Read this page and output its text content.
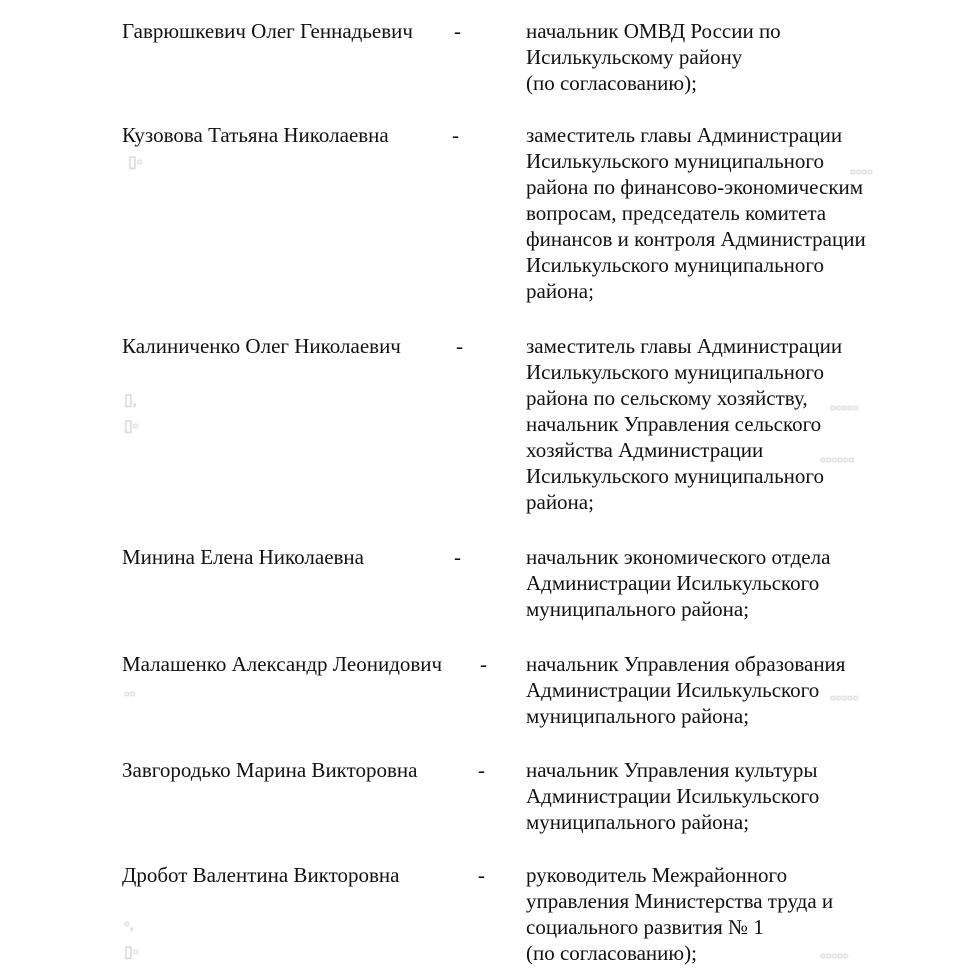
▯▫
▯,
▯▫
▫▫
▫,
▯▫
▫▫▫▫
▫▫▫▫▫
▫▫▫▫▫▫
▫▫▫▫▫
▫▫▫▫▫
Гаврюшкевич Олег Геннадьевич -	начальник ОМВД России по
Исилькульскому району
(по согласованию);
Кузовова Татьяна Николаевна	-	заместитель главы Администрации
Исилькульского муниципального
района по финансово-экономическим
вопросам, председатель комитета
финансов и контроля Администрации
Исилькульского муниципального
района;
Калиниченко Олег Николаевич	-	заместитель главы Администрации
Исилькульского муниципального
района по сельскому хозяйству,
начальник Управления сельского
хозяйства Администрации
Исилькульского муниципального
района;
Минина Елена Николаевна	-	начальник экономического отдела
Администрации Исилькульского
муниципального района;
Малашенко Александр Леонидович - начальник Управления образования
Администрации Исилькульского
муниципального района;
Завгородько Марина Викторовна	- начальник Управления культуры
Администрации Исилькульского
муниципального района;
Дробот Валентина Викторовна	- руководитель Межрайонного
управления Министерства труда и
социального развития № 1
(по согласованию);
